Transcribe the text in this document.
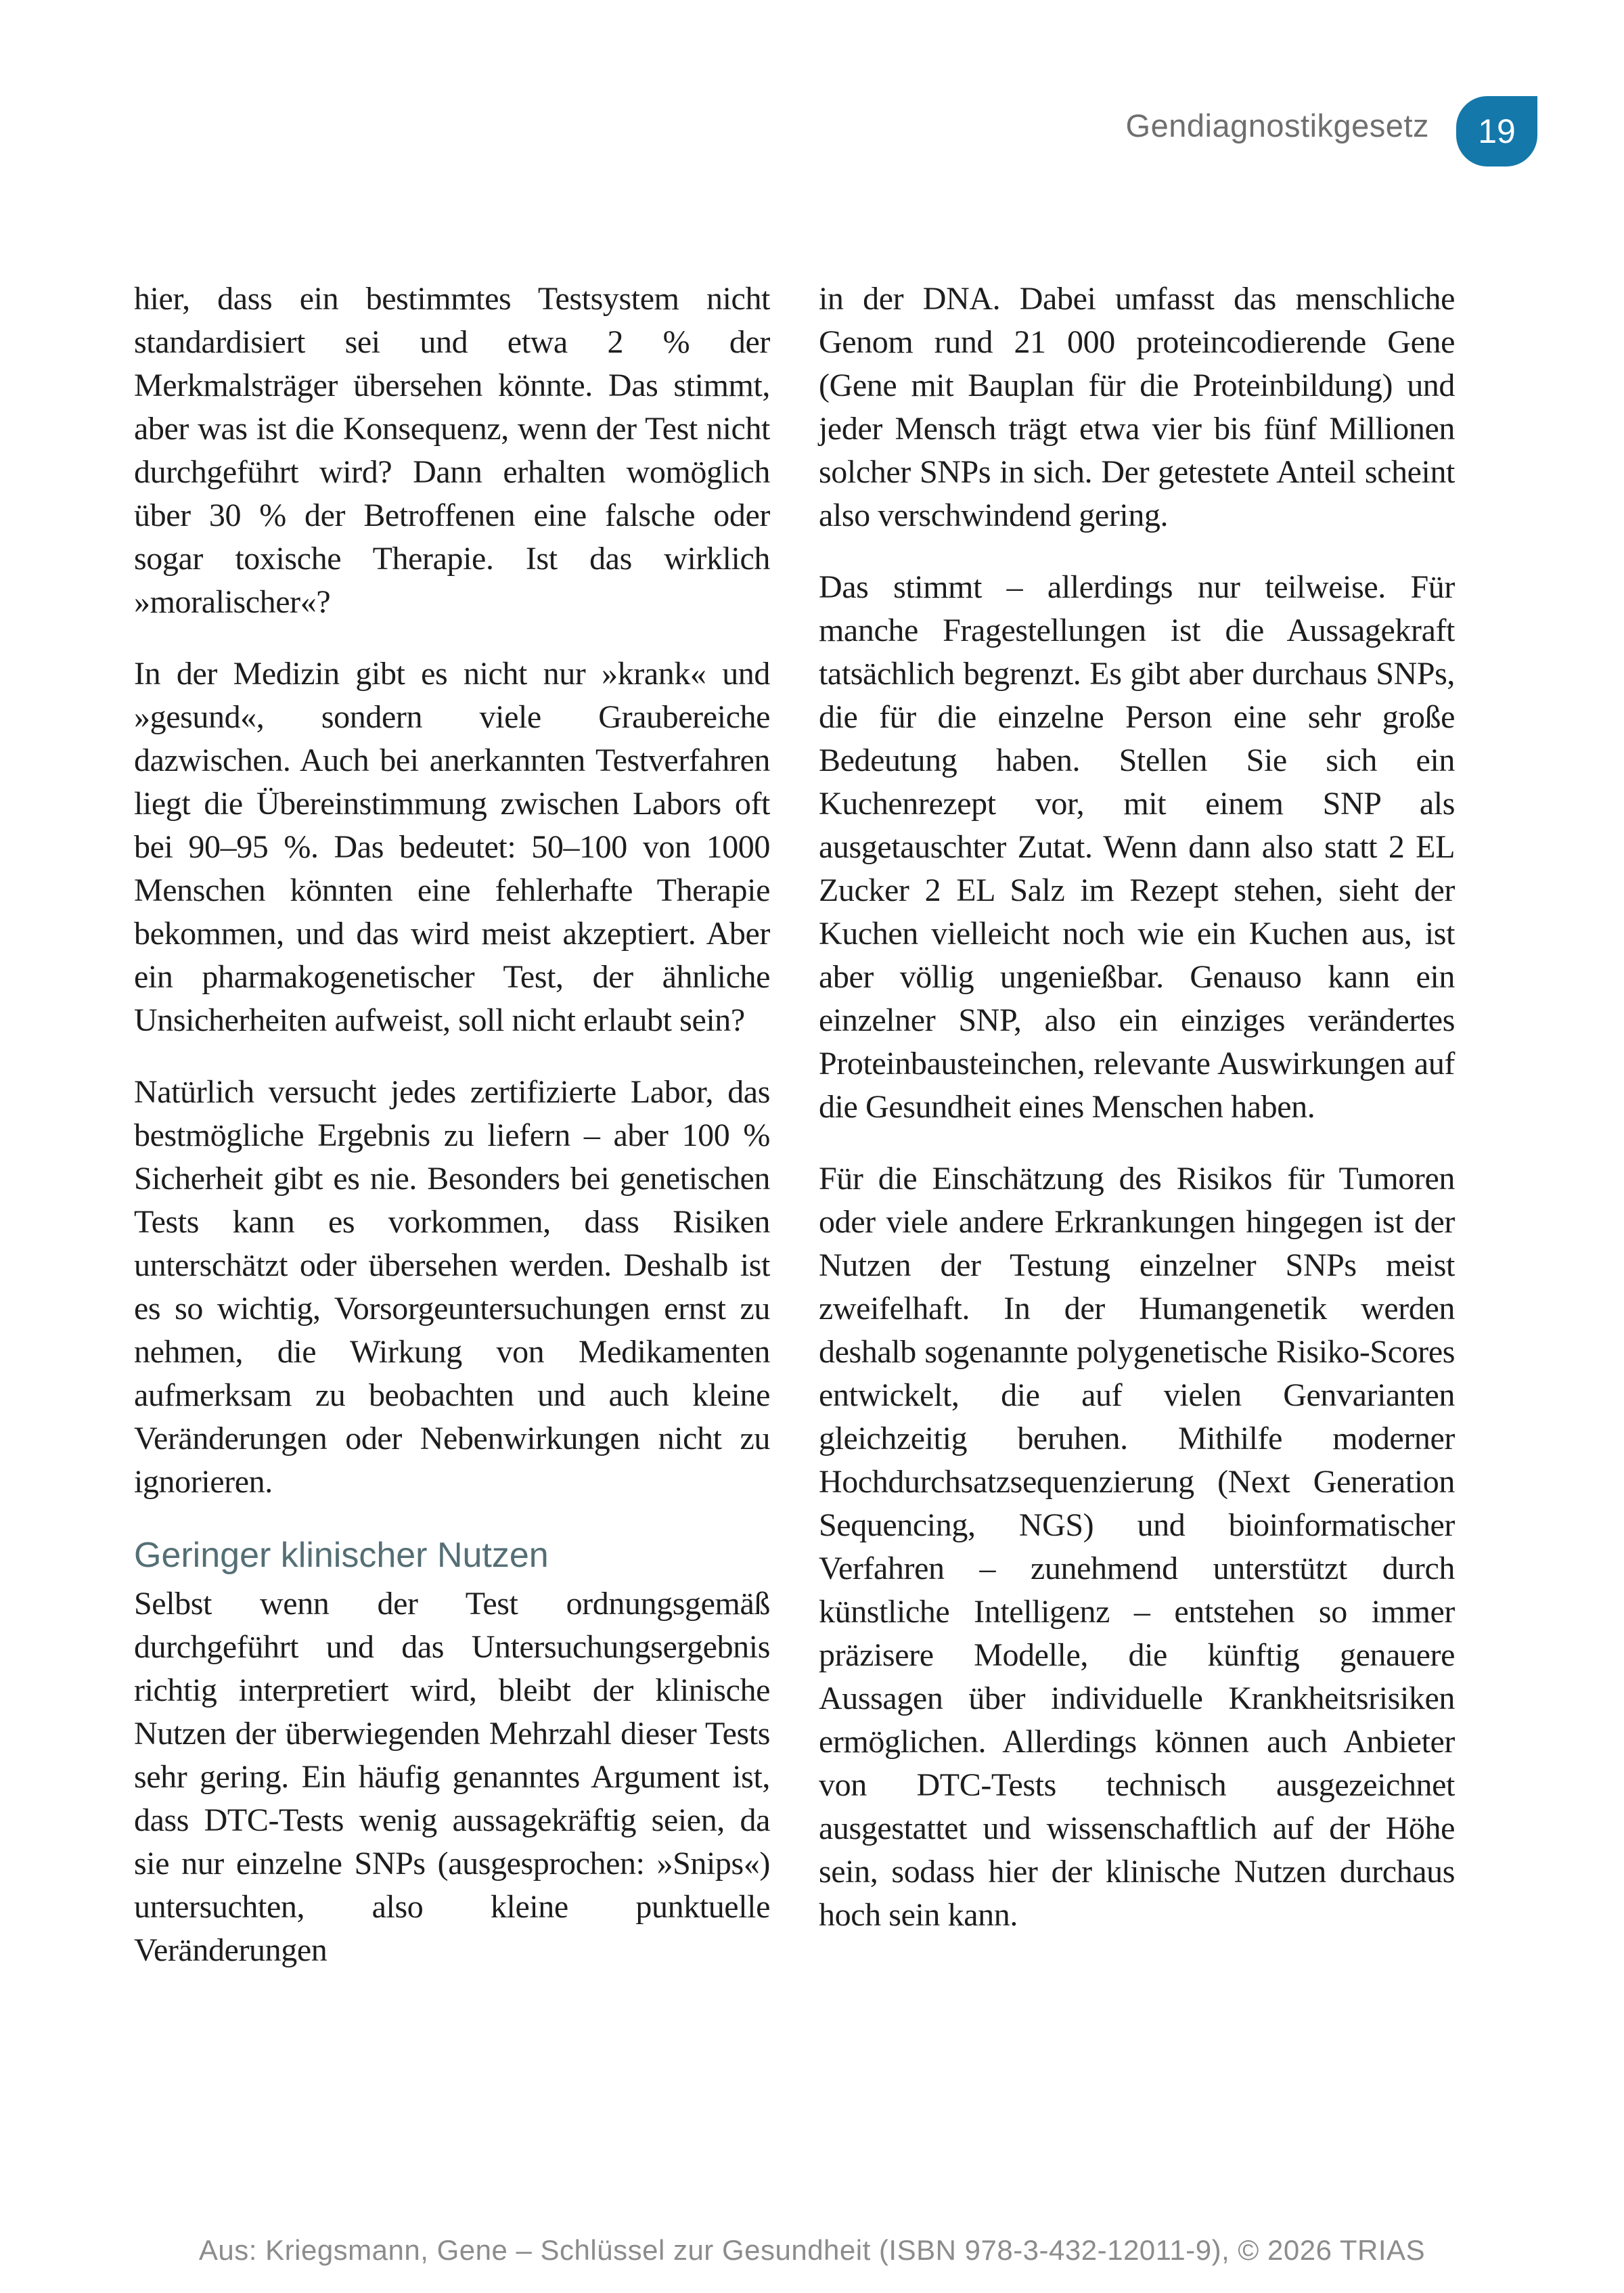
Gendiagnostikgesetz 19

hier, dass ein bestimmtes Testsystem nicht standardisiert sei und etwa 2 % der Merkmalsträger übersehen könnte. Das stimmt, aber was ist die Konsequenz, wenn der Test nicht durchgeführt wird? Dann erhalten womöglich über 30 % der Betroffenen eine falsche oder sogar toxische Therapie. Ist das wirklich »moralischer«?

In der Medizin gibt es nicht nur »krank« und »gesund«, sondern viele Graubereiche dazwischen. Auch bei anerkannten Testverfahren liegt die Übereinstimmung zwischen Labors oft bei 90–95 %. Das bedeutet: 50–100 von 1000 Menschen könnten eine fehlerhafte Therapie bekommen, und das wird meist akzeptiert. Aber ein pharmakogenetischer Test, der ähnliche Unsicherheiten aufweist, soll nicht erlaubt sein?

Natürlich versucht jedes zertifizierte Labor, das bestmögliche Ergebnis zu liefern – aber 100 % Sicherheit gibt es nie. Besonders bei genetischen Tests kann es vorkommen, dass Risiken unterschätzt oder übersehen werden. Deshalb ist es so wichtig, Vorsorgeuntersuchungen ernst zu nehmen, die Wirkung von Medikamenten aufmerksam zu beobachten und auch kleine Veränderungen oder Nebenwirkungen nicht zu ignorieren.

Geringer klinischer Nutzen

Selbst wenn der Test ordnungsgemäß durchgeführt und das Untersuchungsergebnis richtig interpretiert wird, bleibt der klinische Nutzen der überwiegenden Mehrzahl dieser Tests sehr gering. Ein häufig genanntes Argument ist, dass DTC-Tests wenig aussagekräftig seien, da sie nur einzelne SNPs (ausgesprochen: »Snips«) untersuchten, also kleine punktuelle Veränderungen

in der DNA. Dabei umfasst das menschliche Genom rund 21 000 proteincodierende Gene (Gene mit Bauplan für die Proteinbildung) und jeder Mensch trägt etwa vier bis fünf Millionen solcher SNPs in sich. Der getestete Anteil scheint also verschwindend gering.

Das stimmt – allerdings nur teilweise. Für manche Fragestellungen ist die Aussagekraft tatsächlich begrenzt. Es gibt aber durchaus SNPs, die für die einzelne Person eine sehr große Bedeutung haben. Stellen Sie sich ein Kuchenrezept vor, mit einem SNP als ausgetauschter Zutat. Wenn dann also statt 2 EL Zucker 2 EL Salz im Rezept stehen, sieht der Kuchen vielleicht noch wie ein Kuchen aus, ist aber völlig ungenießbar. Genauso kann ein einzelner SNP, also ein einziges verändertes Proteinbausteinchen, relevante Auswirkungen auf die Gesundheit eines Menschen haben.

Für die Einschätzung des Risikos für Tumoren oder viele andere Erkrankungen hingegen ist der Nutzen der Testung einzelner SNPs meist zweifelhaft. In der Humangenetik werden deshalb sogenannte polygenetische Risiko-Scores entwickelt, die auf vielen Genvarianten gleichzeitig beruhen. Mithilfe moderner Hochdurchsatzsequenzierung (Next Generation Sequencing, NGS) und bioinformatischer Verfahren – zunehmend unterstützt durch künstliche Intelligenz – entstehen so immer präzisere Modelle, die künftig genauere Aussagen über individuelle Krankheitsrisiken ermöglichen. Allerdings können auch Anbieter von DTC-Tests technisch ausgezeichnet ausgestattet und wissenschaftlich auf der Höhe sein, sodass hier der klinische Nutzen durchaus hoch sein kann.

Aus: Kriegsmann, Gene – Schlüssel zur Gesundheit (ISBN 978-3-432-12011-9), © 2026 TRIAS
